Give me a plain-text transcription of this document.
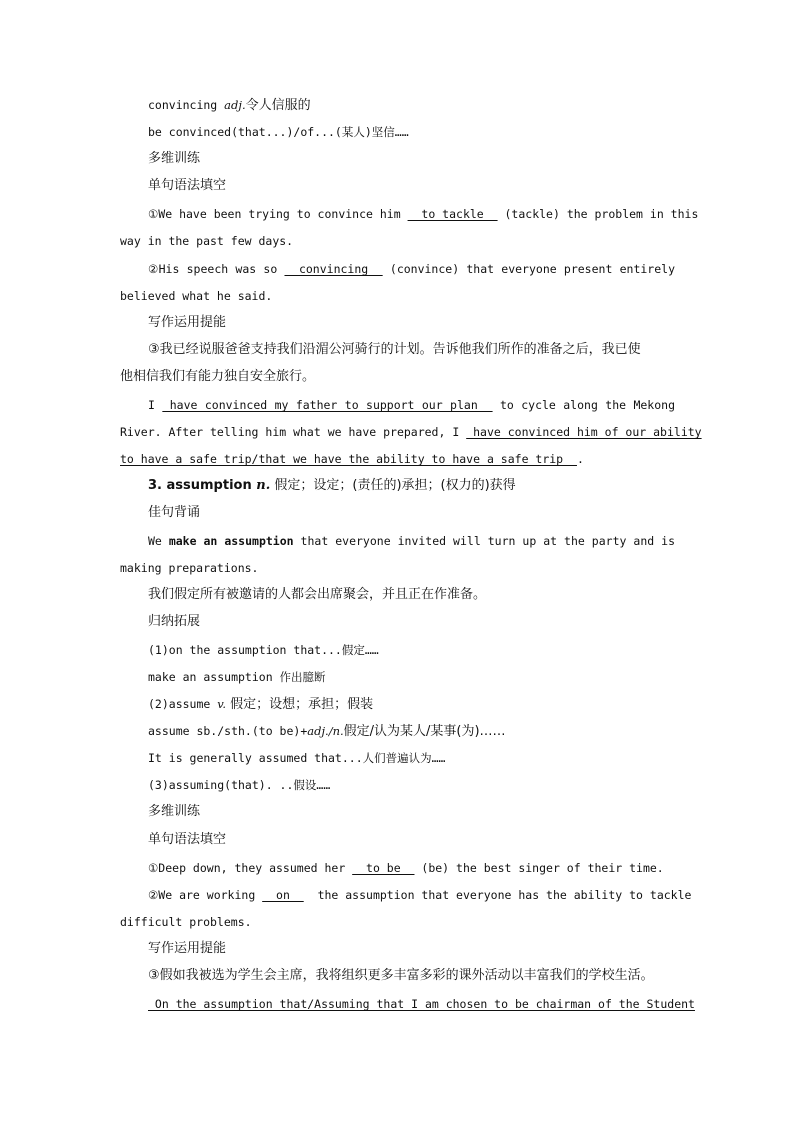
convincing adj.令人信服的
be convinced(that...)/of...(某人)坚信……
多维训练
单句语法填空
①We have been trying to convince him   to tackle   (tackle) the problem in this
way in the past few days.
②His speech was so   convincing   (convince) that everyone present entirely
believed what he said.
写作运用提能
③我已经说服爸爸支持我们沿湄公河骑行的计划。告诉他我们所作的准备之后，我已使
他相信我们有能力独自安全旅行。
I  have convinced my father to support our plan   to cycle along the Mekong
River. After telling him what we have prepared, I  have convinced him of our ability
to have a safe trip/that we have the ability to have a safe trip  .
3. assumption n. 假定；设定；(责任的)承担；(权力的)获得
佳句背诵
We make an assumption that everyone invited will turn up at the party and is
making preparations.
我们假定所有被邀请的人都会出席聚会，并且正在作准备。
归纳拓展
(1)on the assumption that...假定……
make an assumption 作出臆断
(2)assume v. 假定；设想；承担；假装
assume sb./sth.(to be)+adj./n.假定/认为某人/某事(为)……
It is generally assumed that...人们普遍认为……
(3)assuming(that). ..假设……
多维训练
单句语法填空
①Deep down, they assumed her   to be   (be) the best singer of their time.
②We are working   on    the assumption that everyone has the ability to tackle
difficult problems.
写作运用提能
③假如我被选为学生会主席，我将组织更多丰富多彩的课外活动以丰富我们的学校生活。
On the assumption that/Assuming that I am chosen to be chairman of the Student
